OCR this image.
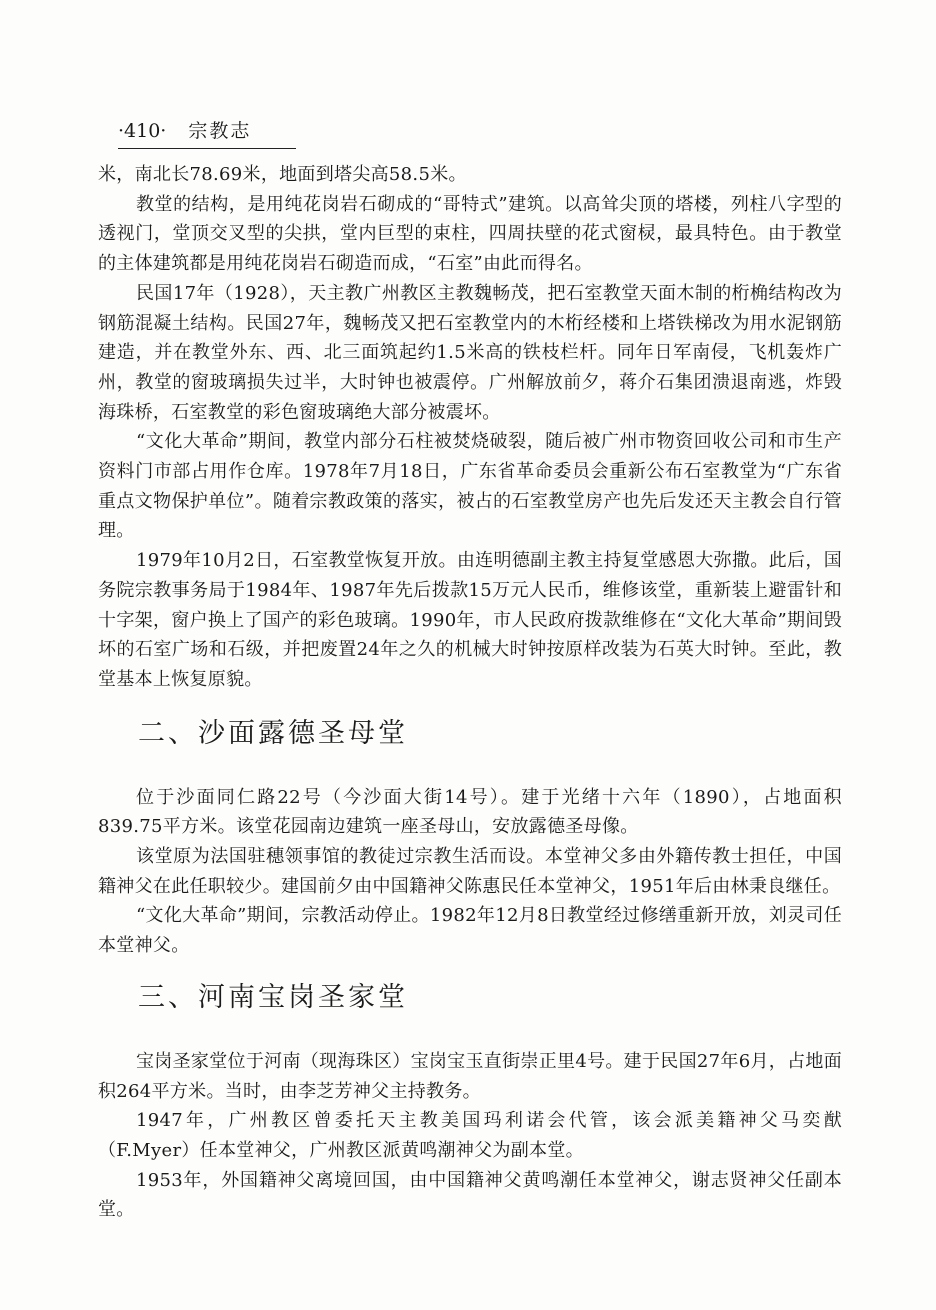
·410· 宗教志

米，南北长78.69米，地面到塔尖高58.5米。

教堂的结构，是用纯花岗岩石砌成的“哥特式”建筑。以高耸尖顶的塔楼，列柱八字型的透视门，堂顶交叉型的尖拱，堂内巨型的束柱，四周扶壁的花式窗棂，最具特色。由于教堂的主体建筑都是用纯花岗岩石砌造而成，“石室”由此而得名。

民国17年（1928），天主教广州教区主教魏畅茂，把石室教堂天面木制的桁桷结构改为钢筋混凝土结构。民国27年，魏畅茂又把石室教堂内的木桁经楼和上塔铁梯改为用水泥钢筋建造，并在教堂外东、西、北三面筑起约1.5米高的铁枝栏杆。同年日军南侵，飞机轰炸广州，教堂的窗玻璃损失过半，大时钟也被震停。广州解放前夕，蒋介石集团溃退南逃，炸毁海珠桥，石室教堂的彩色窗玻璃绝大部分被震坏。

“文化大革命”期间，教堂内部分石柱被焚烧破裂，随后被广州市物资回收公司和市生产资料门市部占用作仓库。1978年7月18日，广东省革命委员会重新公布石室教堂为“广东省重点文物保护单位”。随着宗教政策的落实，被占的石室教堂房产也先后发还天主教会自行管理。

1979年10月2日，石室教堂恢复开放。由连明德副主教主持复堂感恩大弥撒。此后，国务院宗教事务局于1984年、1987年先后拨款15万元人民币，维修该堂，重新装上避雷针和十字架，窗户换上了国产的彩色玻璃。1990年，市人民政府拨款维修在“文化大革命”期间毁坏的石室广场和石级，并把废置24年之久的机械大时钟按原样改装为石英大时钟。至此，教堂基本上恢复原貌。

二、沙面露德圣母堂

位于沙面同仁路22号（今沙面大街14号）。建于光绪十六年（1890），占地面积839.75平方米。该堂花园南边建筑一座圣母山，安放露德圣母像。

该堂原为法国驻穗领事馆的教徒过宗教生活而设。本堂神父多由外籍传教士担任，中国籍神父在此任职较少。建国前夕由中国籍神父陈惠民任本堂神父，1951年后由林秉良继任。

“文化大革命”期间，宗教活动停止。1982年12月8日教堂经过修缮重新开放，刘灵司任本堂神父。

三、河南宝岗圣家堂

宝岗圣家堂位于河南（现海珠区）宝岗宝玉直街崇正里4号。建于民国27年6月，占地面积264平方米。当时，由李芝芳神父主持教务。

1947年，广州教区曾委托天主教美国玛利诺会代管，该会派美籍神父马奕猷（F.Myer）任本堂神父，广州教区派黄鸣潮神父为副本堂。

1953年，外国籍神父离境回国，由中国籍神父黄鸣潮任本堂神父，谢志贤神父任副本堂。
